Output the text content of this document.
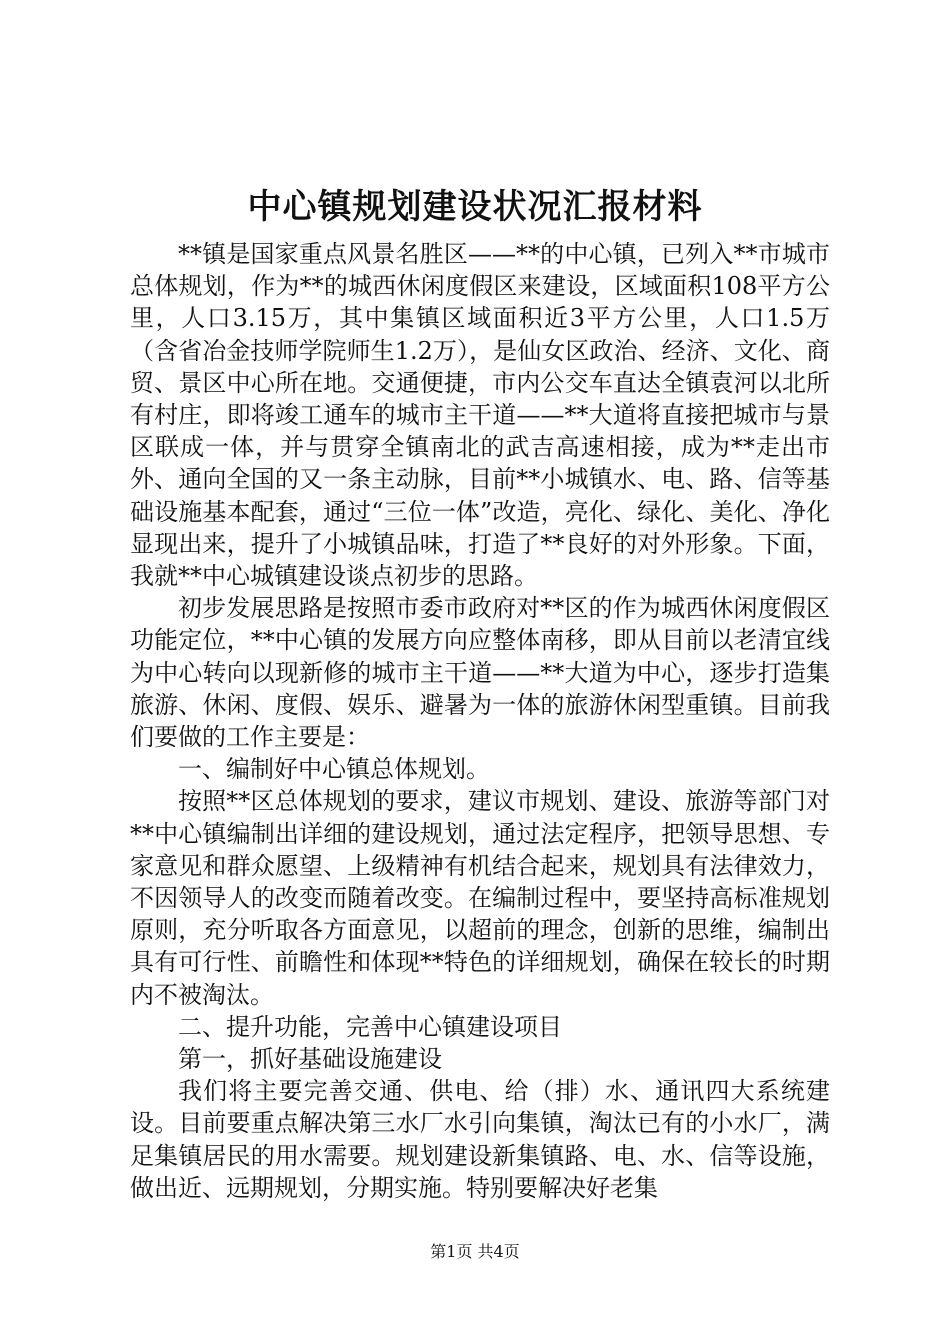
中心镇规划建设状况汇报材料

**镇是国家重点风景名胜区——**的中心镇，已列入**市城市总体规划，作为**的城西休闲度假区来建设，区域面积108平方公里，人口3.15万，其中集镇区域面积近3平方公里，人口1.5万（含省冶金技师学院师生1.2万），是仙女区政治、经济、文化、商贸、景区中心所在地。交通便捷，市内公交车直达全镇袁河以北所有村庄，即将竣工通车的城市主干道——**大道将直接把城市与景区联成一体，并与贯穿全镇南北的武吉高速相接，成为**走出市外、通向全国的又一条主动脉，目前**小城镇水、电、路、信等基础设施基本配套，通过“三位一体”改造，亮化、绿化、美化、净化显现出来，提升了小城镇品味，打造了**良好的对外形象。下面，我就**中心城镇建设谈点初步的思路。

初步发展思路是按照市委市政府对**区的作为城西休闲度假区功能定位，**中心镇的发展方向应整体南移，即从目前以老清宜线为中心转向以现新修的城市主干道——**大道为中心，逐步打造集旅游、休闲、度假、娱乐、避暑为一体的旅游休闲型重镇。目前我们要做的工作主要是：

一、编制好中心镇总体规划。

按照**区总体规划的要求，建议市规划、建设、旅游等部门对**中心镇编制出详细的建设规划，通过法定程序，把领导思想、专家意见和群众愿望、上级精神有机结合起来，规划具有法律效力，不因领导人的改变而随着改变。在编制过程中，要坚持高标准规划原则，充分听取各方面意见，以超前的理念，创新的思维，编制出具有可行性、前瞻性和体现**特色的详细规划，确保在较长的时期内不被淘汰。

二、提升功能，完善中心镇建设项目

第一，抓好基础设施建设

我们将主要完善交通、供电、给（排）水、通讯四大系统建设。目前要重点解决第三水厂水引向集镇，淘汰已有的小水厂，满足集镇居民的用水需要。规划建设新集镇路、电、水、信等设施，做出近、远期规划，分期实施。特别要解决好老集

第1页 共4页
